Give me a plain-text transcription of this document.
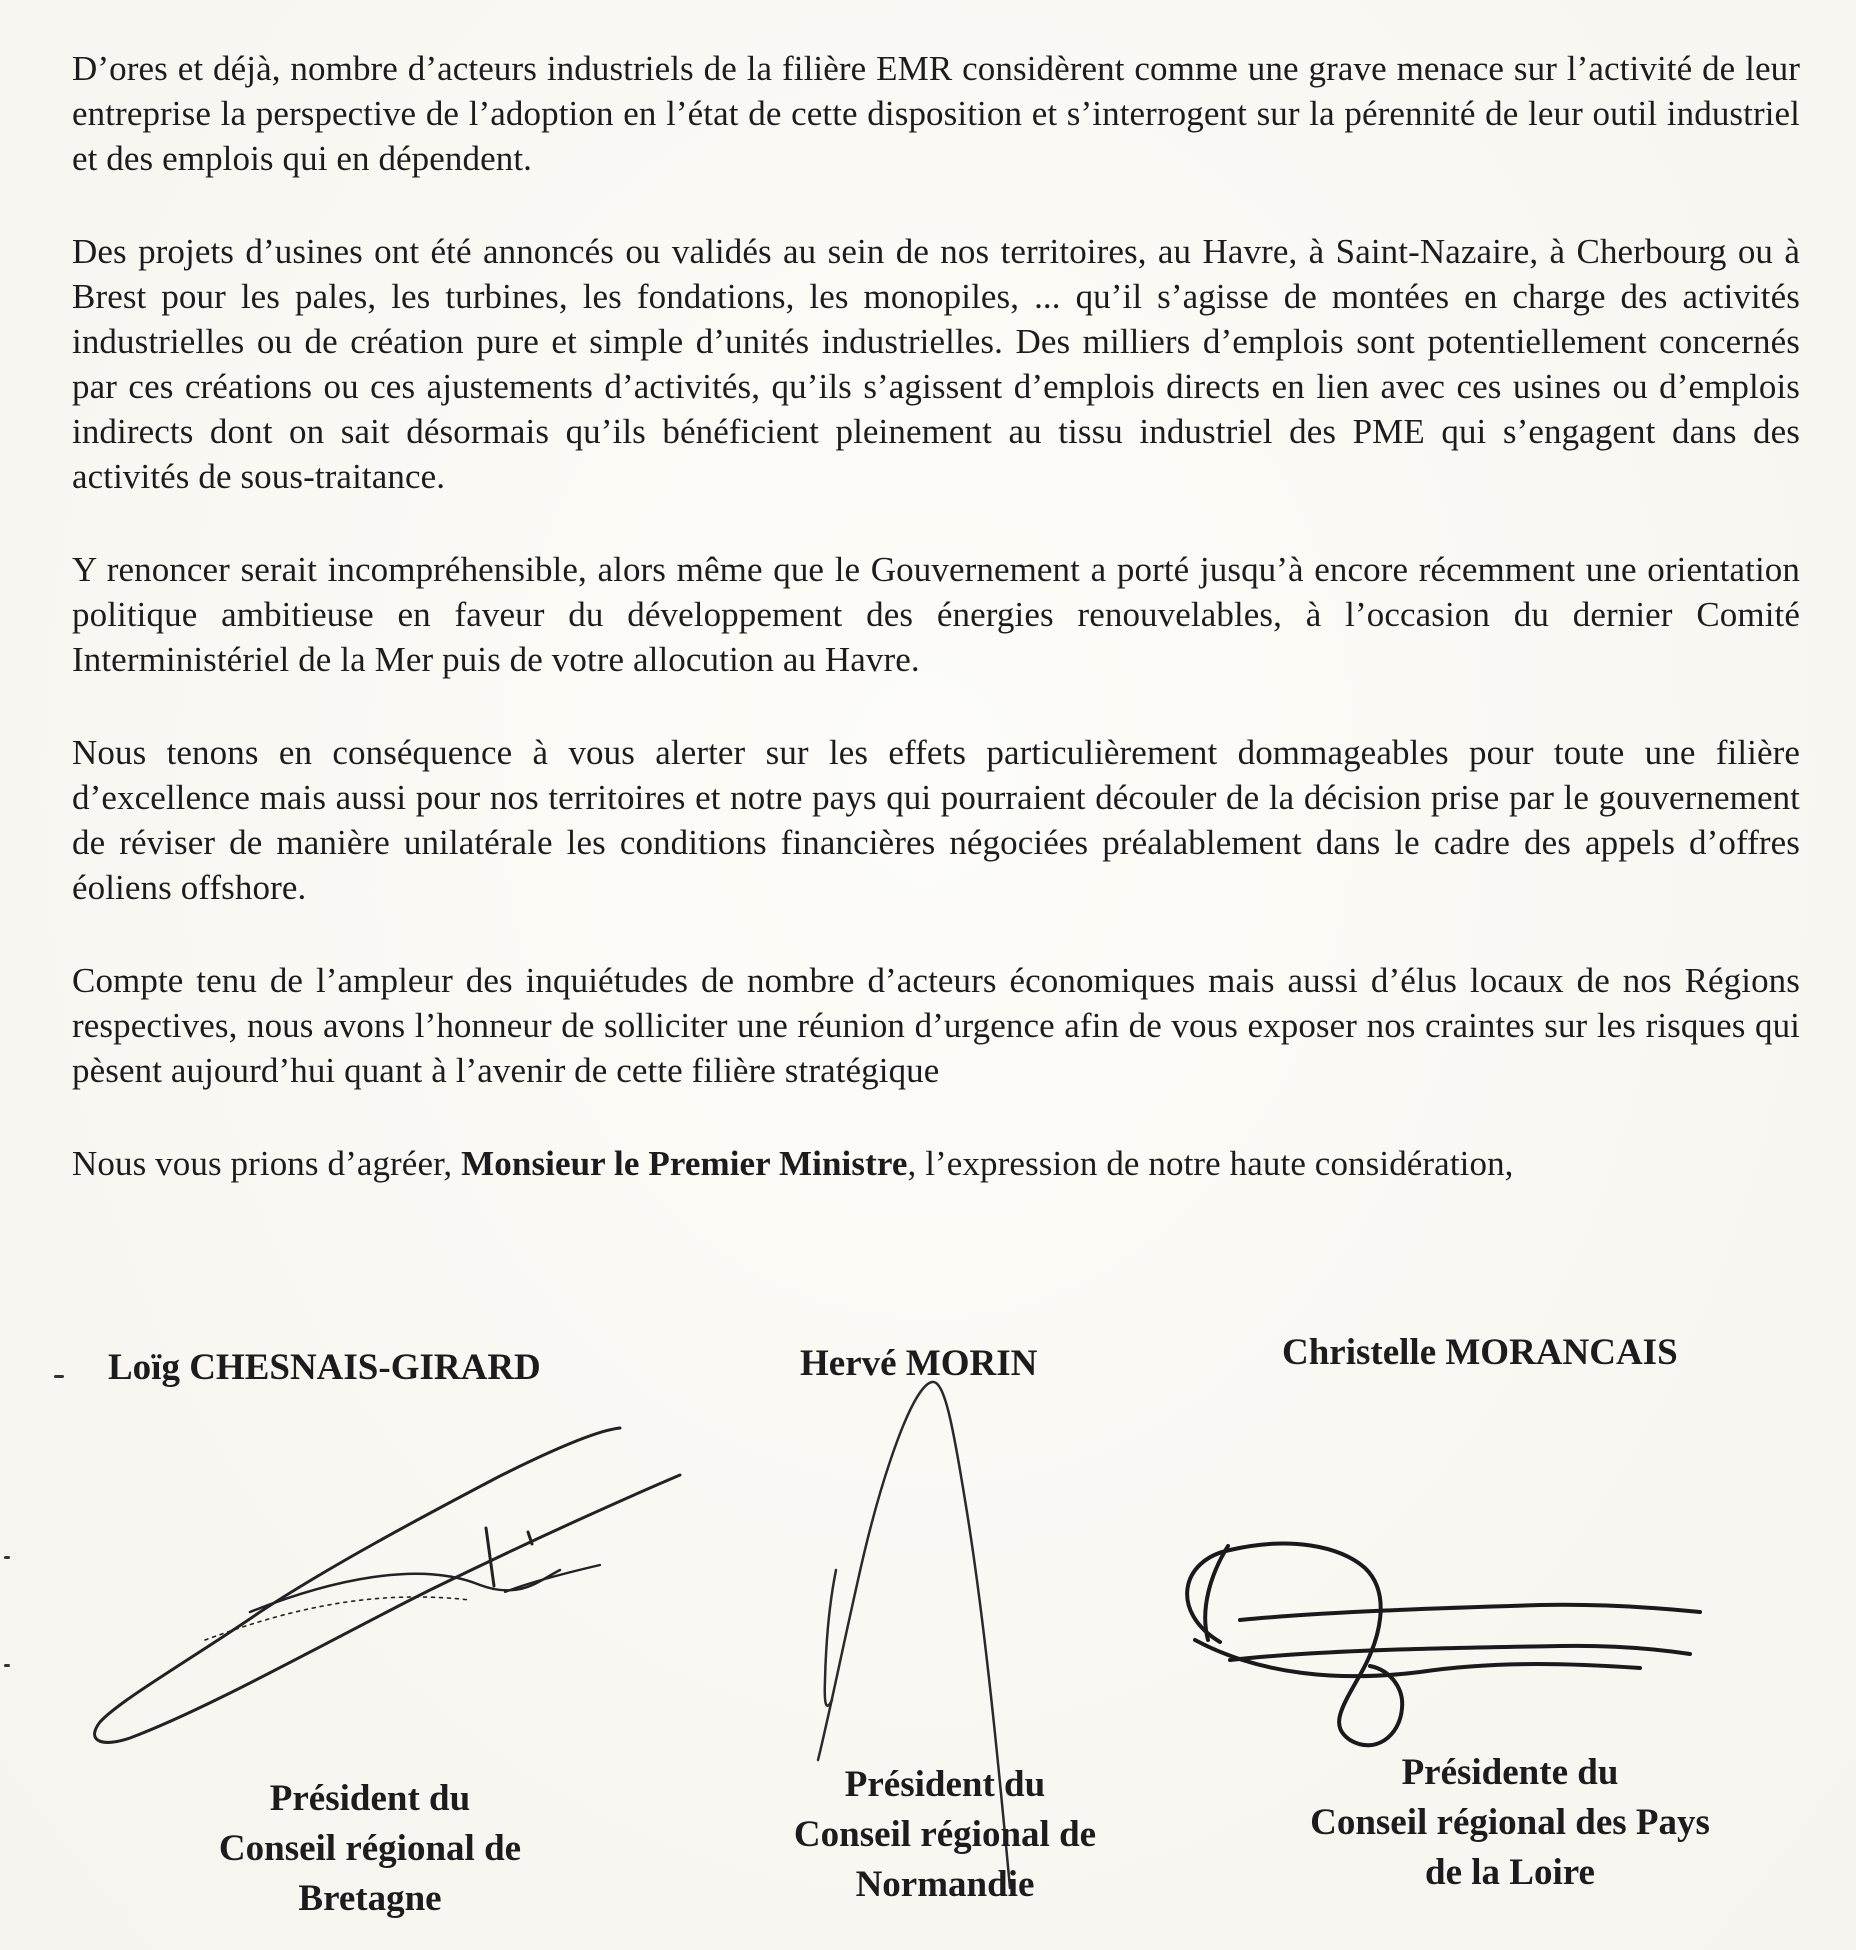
D’ores et déjà, nombre d’acteurs industriels de la filière EMR considèrent comme une grave menace sur l’activité de leur entreprise la perspective de l’adoption en l’état de cette disposition et s’interrogent sur la pérennité de leur outil industriel et des emplois qui en dépendent.

Des projets d’usines ont été annoncés ou validés au sein de nos territoires, au Havre, à Saint-Nazaire, à Cherbourg ou à Brest pour les pales, les turbines, les fondations, les monopiles, ... qu’il s’agisse de montées en charge des activités industrielles ou de création pure et simple d’unités industrielles. Des milliers d’emplois sont potentiellement concernés par ces créations ou ces ajustements d’activités, qu’ils s’agissent d’emplois directs en lien avec ces usines ou d’emplois indirects dont on sait désormais qu’ils bénéficient pleinement au tissu industriel des PME qui s’engagent dans des activités de sous-traitance.

Y renoncer serait incompréhensible, alors même que le Gouvernement a porté jusqu’à encore récemment une orientation politique ambitieuse en faveur du développement des énergies renouvelables, à l’occasion du dernier Comité Interministériel de la Mer puis de votre allocution au Havre.

Nous tenons en conséquence à vous alerter sur les effets particulièrement dommageables pour toute une filière d’excellence mais aussi pour nos territoires et notre pays qui pourraient découler de la décision prise par le gouvernement de réviser de manière unilatérale les conditions financières négociées préalablement dans le cadre des appels d’offres éoliens offshore.

Compte tenu de l’ampleur des inquiétudes de nombre d’acteurs économiques mais aussi d’élus locaux de nos Régions respectives, nous avons l’honneur de solliciter une réunion d’urgence afin de vous exposer nos craintes sur les risques qui pèsent aujourd’hui quant à l’avenir de cette filière stratégique

Nous vous prions d’agréer, Monsieur le Premier Ministre, l’expression de notre haute considération,

Loïg CHESNAIS-GIRARD	Hervé MORIN	Christelle MORANCAIS
Président du
Conseil régional de
Bretagne
Président du
Conseil régional de
Normandie
Présidente du
Conseil régional des Pays
de la Loire
